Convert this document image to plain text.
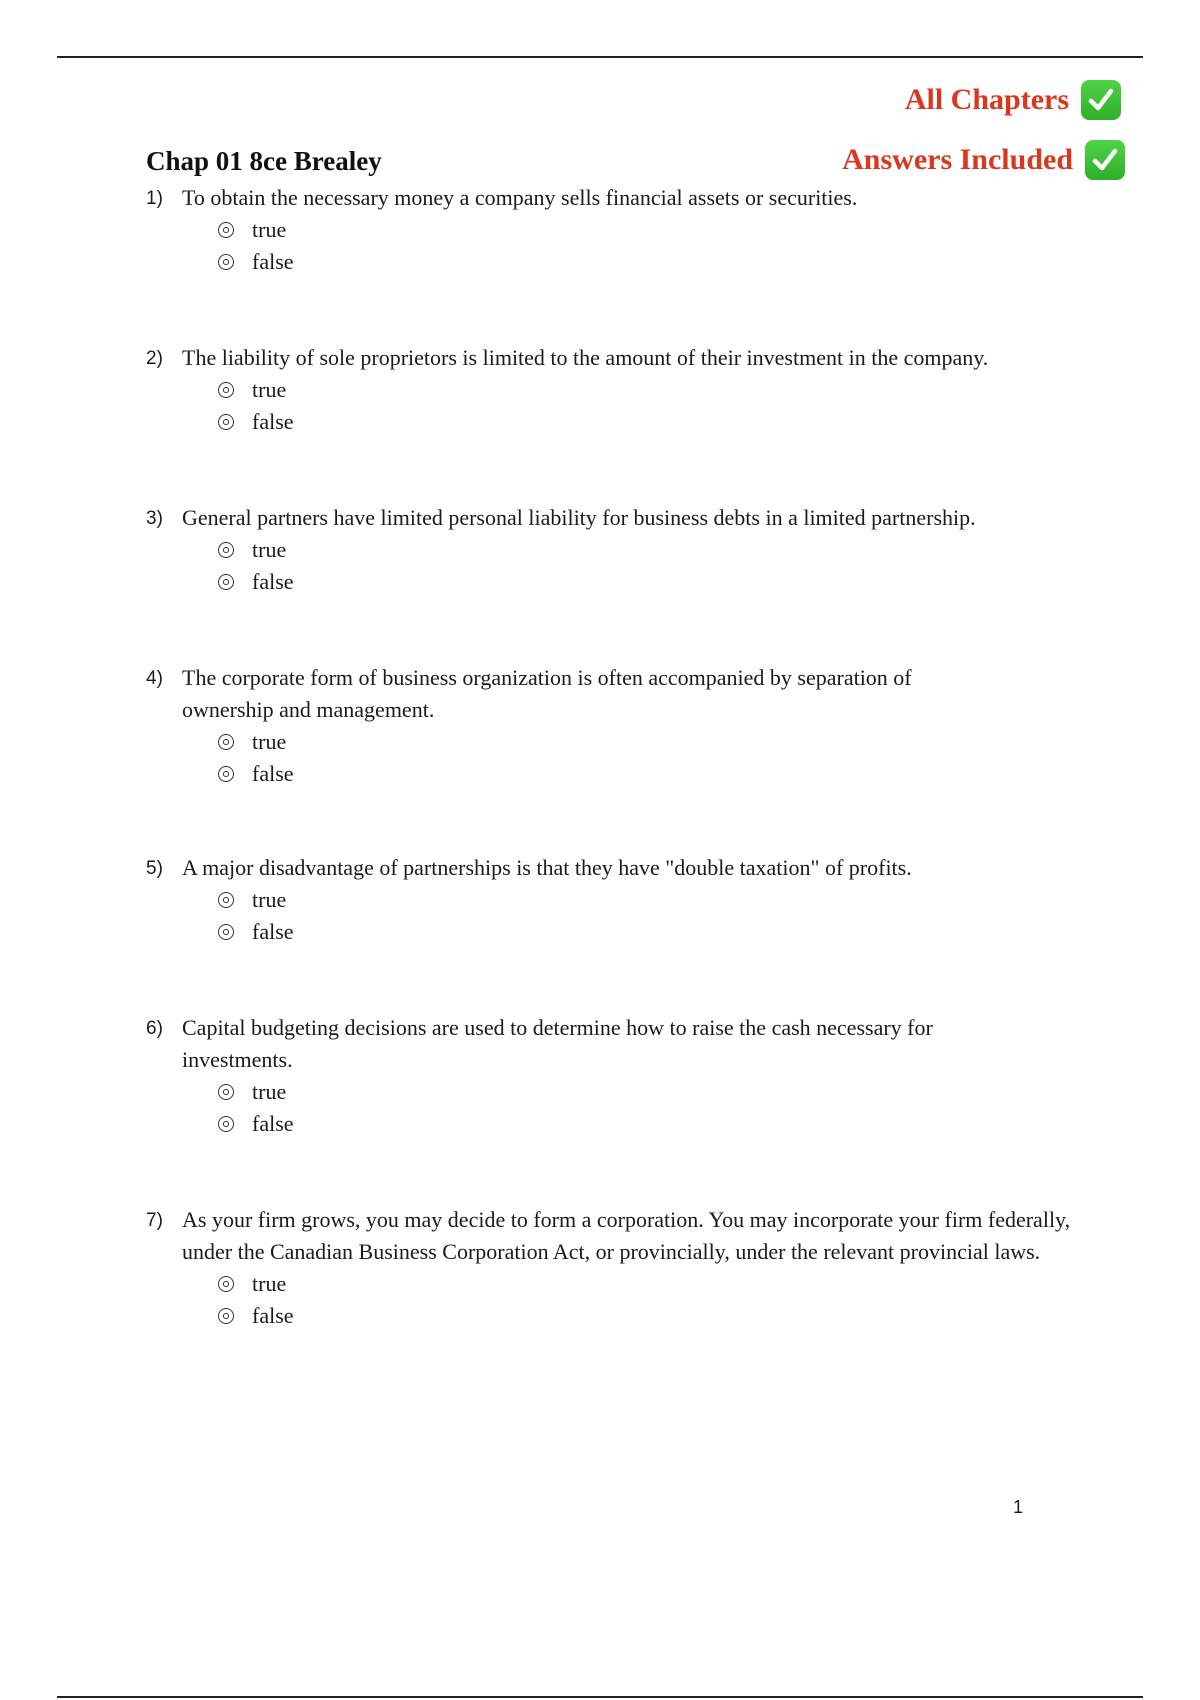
All Chapters
Chap 01 8ce Brealey	Answers Included
1) To obtain the necessary money a company sells financial assets or securities.
true
false
2) The liability of sole proprietors is limited to the amount of their investment in the company.
true
false
3) General partners have limited personal liability for business debts in a limited partnership.
true
false
4) The corporate form of business organization is often accompanied by separation of ownership and management.
true
false
5) A major disadvantage of partnerships is that they have "double taxation" of profits.
true
false
6) Capital budgeting decisions are used to determine how to raise the cash necessary for investments.
true
false
7) As your firm grows, you may decide to form a corporation. You may incorporate your firm federally, under the Canadian Business Corporation Act, or provincially, under the relevant provincial laws.
true
false
1
